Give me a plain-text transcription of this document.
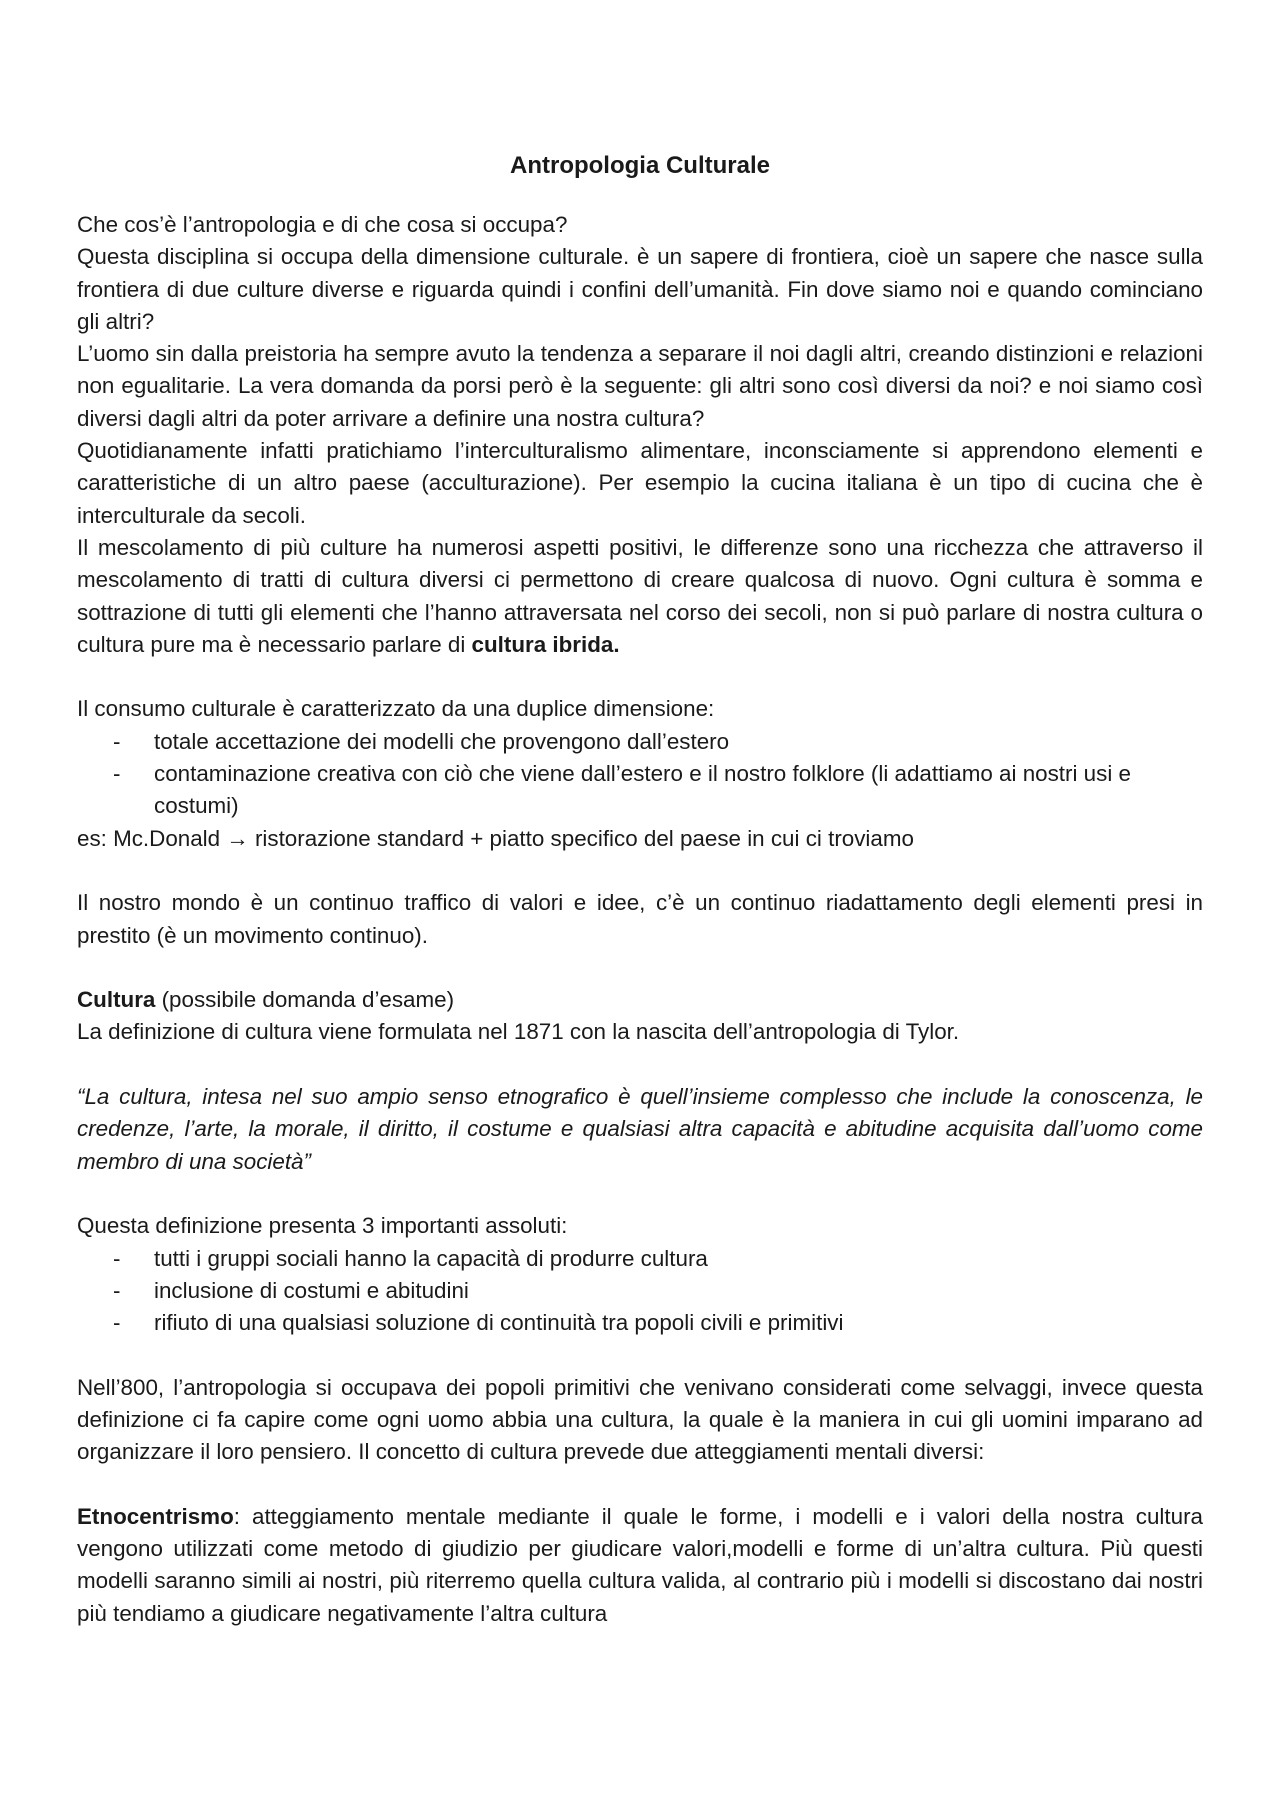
Antropologia Culturale

Che cos’è l’antropologia e di che cosa si occupa?

Questa disciplina si occupa della dimensione culturale. è un sapere di frontiera, cioè un sapere che nasce sulla frontiera di due culture diverse e riguarda quindi i confini dell’umanità. Fin dove siamo noi e quando cominciano gli altri?

L’uomo sin dalla preistoria ha sempre avuto la tendenza a separare il noi dagli altri, creando distinzioni e relazioni non egualitarie. La vera domanda da porsi però è la seguente: gli altri sono così diversi da noi? e noi siamo così diversi dagli altri da poter arrivare a definire una nostra cultura?

Quotidianamente infatti pratichiamo l’interculturalismo alimentare, inconsciamente si apprendono elementi e caratteristiche di un altro paese (acculturazione). Per esempio la cucina italiana è un tipo di cucina che è interculturale da secoli.

Il mescolamento di più culture ha numerosi aspetti positivi, le differenze sono una ricchezza che attraverso il mescolamento di tratti di cultura diversi ci permettono di creare qualcosa di nuovo. Ogni cultura è somma e sottrazione di tutti gli elementi che l’hanno attraversata nel corso dei secoli, non si può parlare di nostra cultura o cultura pure ma è necessario parlare di cultura ibrida.

Il consumo culturale è caratterizzato da una duplice dimensione:

- totale accettazione dei modelli che provengono dall’estero
- contaminazione creativa con ciò che viene dall’estero e il nostro folklore (li adattiamo ai nostri usi e costumi)

es: Mc.Donald → ristorazione standard + piatto specifico del paese in cui ci troviamo

Il nostro mondo è un continuo traffico di valori e idee, c’è un continuo riadattamento degli elementi presi in prestito (è un movimento continuo).

Cultura (possibile domanda d’esame)

La definizione di cultura viene formulata nel 1871 con la nascita dell’antropologia di Tylor.

“La cultura, intesa nel suo ampio senso etnografico è quell’insieme complesso che include la conoscenza, le credenze, l’arte, la morale, il diritto, il costume e qualsiasi altra capacità e abitudine acquisita dall’uomo come membro di una società”

Questa definizione presenta 3 importanti assoluti:

- tutti i gruppi sociali hanno la capacità di produrre cultura
- inclusione di costumi e abitudini
- rifiuto di una qualsiasi soluzione di continuità tra popoli civili e primitivi

Nell’800, l’antropologia si occupava dei popoli primitivi che venivano considerati come selvaggi, invece questa definizione ci fa capire come ogni uomo abbia una cultura, la quale è la maniera in cui gli uomini imparano ad organizzare il loro pensiero. Il concetto di cultura prevede due atteggiamenti mentali diversi:

Etnocentrismo: atteggiamento mentale mediante il quale le forme, i modelli e i valori della nostra cultura vengono utilizzati come metodo di giudizio per giudicare valori,modelli e forme di un’altra cultura. Più questi modelli saranno simili ai nostri, più riterremo quella cultura valida, al contrario più i modelli si discostano dai nostri più tendiamo a giudicare negativamente l’altra cultura
